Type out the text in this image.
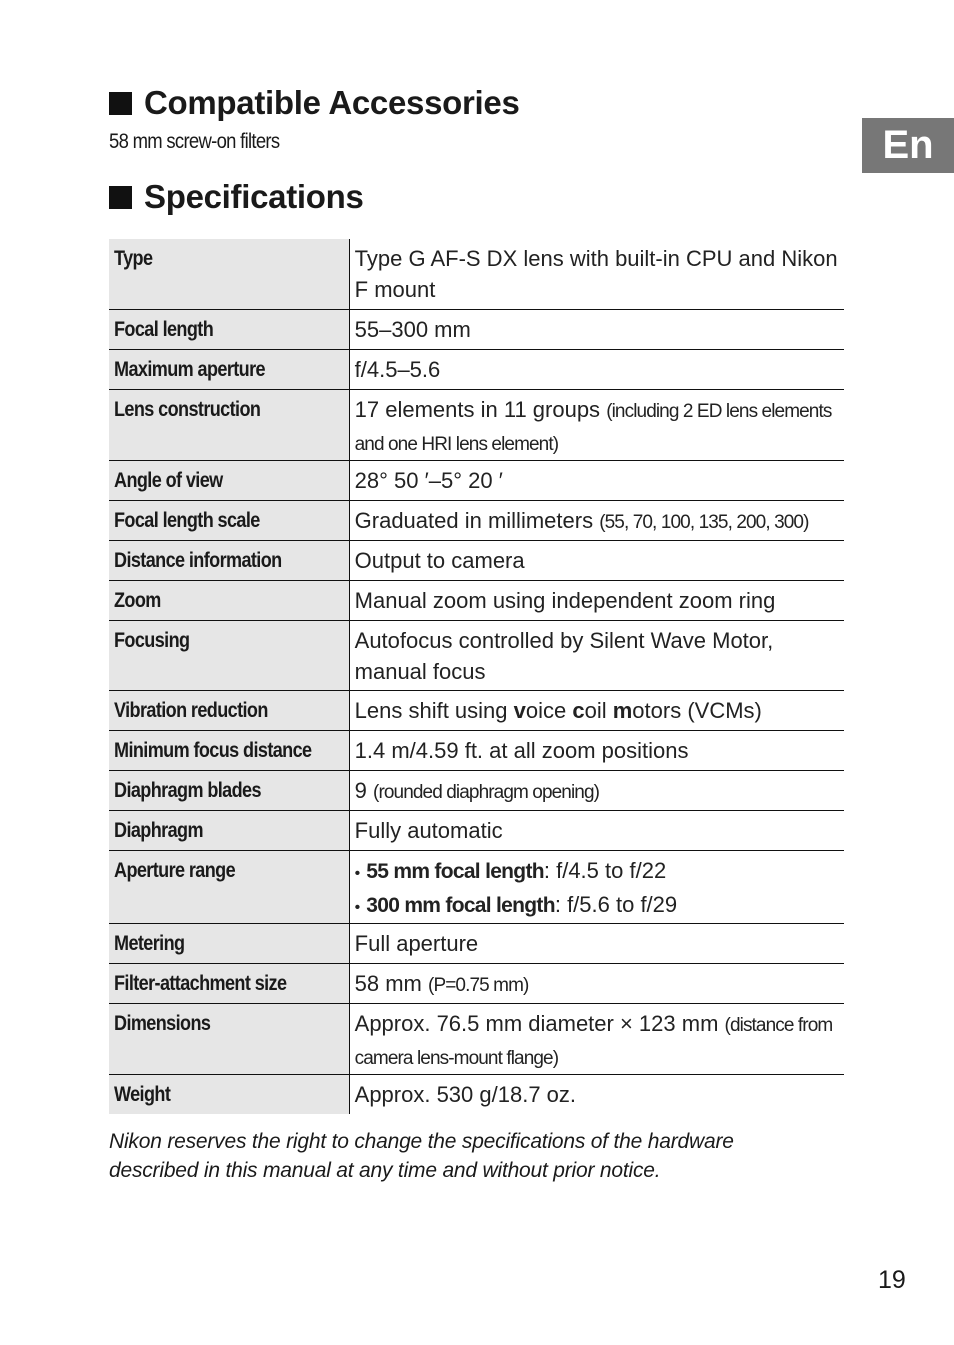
Compatible Accessories
58 mm screw-on filters	En
Specifications
Type	Type G AF-S DX lens with built-in CPU and Nikon F mount
Focal length	55–300 mm
Maximum aperture	f/4.5–5.6
Lens construction	17 elements in 11 groups (including 2 ED lens elements and one HRI lens element)
Angle of view	28° 50 ′–5° 20 ′
Focal length scale	Graduated in millimeters (55, 70, 100, 135, 200, 300)
Distance information	Output to camera
Zoom	Manual zoom using independent zoom ring
Focusing	Autofocus controlled by Silent Wave Motor, manual focus
Vibration reduction	Lens shift using voice coil motors (VCMs)
Minimum focus distance	1.4 m/4.59 ft. at all zoom positions
Diaphragm blades	9 (rounded diaphragm opening)
Diaphragm	Fully automatic
Aperture range	• 55 mm focal length: f/4.5 to f/22
• 300 mm focal length: f/5.6 to f/29

Metering	Full aperture
Filter-attachment size	58 mm (P=0.75 mm)
Dimensions	Approx. 76.5 mm diameter × 123 mm (distance from camera lens-mount flange)
Weight	Approx. 530 g/18.7 oz.
Nikon reserves the right to change the specifications of the hardware described in this manual at any time and without prior notice.
19
